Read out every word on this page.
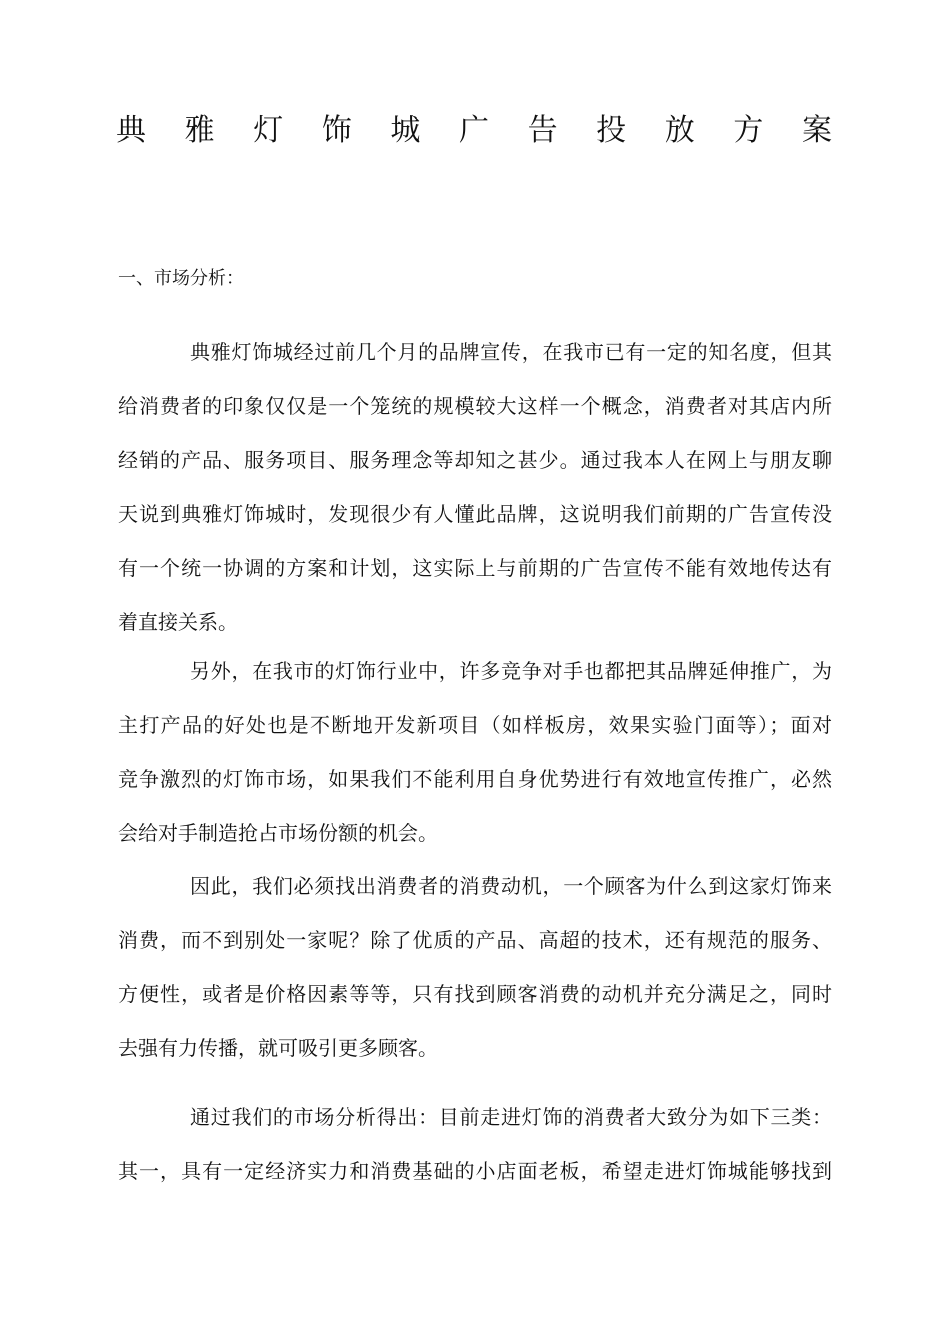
典 雅 灯 饰 城 广 告 投 放 方 案
一、市场分析：
典雅灯饰城经过前几个月的品牌宣传，在我市已有一定的知名度，但其
给消费者的印象仅仅是一个笼统的规模较大这样一个概念，消费者对其店内所
经销的产品、服务项目、服务理念等却知之甚少。通过我本人在网上与朋友聊
天说到典雅灯饰城时，发现很少有人懂此品牌，这说明我们前期的广告宣传没
有一个统一协调的方案和计划，这实际上与前期的广告宣传不能有效地传达有
着直接关系。
另外，在我市的灯饰行业中，许多竞争对手也都把其品牌延伸推广，为
主打产品的好处也是不断地开发新项目（如样板房，效果实验门面等）；面对
竞争激烈的灯饰市场，如果我们不能利用自身优势进行有效地宣传推广，必然
会给对手制造抢占市场份额的机会。
因此，我们必须找出消费者的消费动机，一个顾客为什么到这家灯饰来
消费，而不到别处一家呢？除了优质的产品、高超的技术，还有规范的服务、
方便性，或者是价格因素等等，只有找到顾客消费的动机并充分满足之，同时
去强有力传播，就可吸引更多顾客。
通过我们的市场分析得出：目前走进灯饰的消费者大致分为如下三类：
其一，具有一定经济实力和消费基础的小店面老板，希望走进灯饰城能够找到
